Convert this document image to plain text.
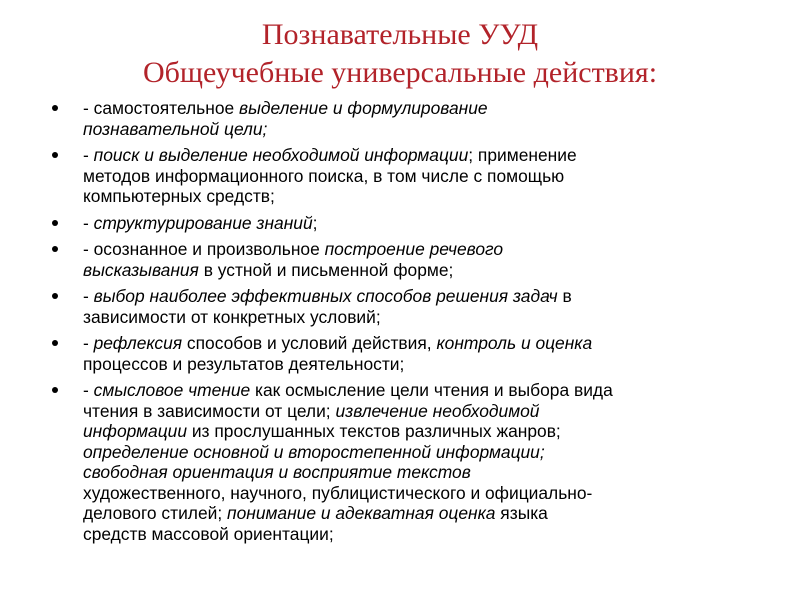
Познавательные УУД
Общеучебные универсальные действия:
- самостоятельное выделение и формулирование
познавательной цели;
- поиск и выделение необходимой информации; применение
методов информационного поиска, в том числе с помощью
компьютерных средств;
- структурирование знаний;
- осознанное и произвольное построение речевого
высказывания в устной и письменной форме;
- выбор наиболее эффективных способов решения задач в
зависимости от конкретных условий;
- рефлексия способов и условий действия, контроль и оценка
процессов и результатов деятельности;
- смысловое чтение как осмысление цели чтения и выбора вида
чтения в зависимости от цели; извлечение необходимой
информации из прослушанных текстов различных жанров;
определение основной и второстепенной информации;
свободная ориентация и восприятие текстов
художественного, научного, публицистического и официально-
делового стилей; понимание и адекватная оценка языка
средств массовой ориентации;
